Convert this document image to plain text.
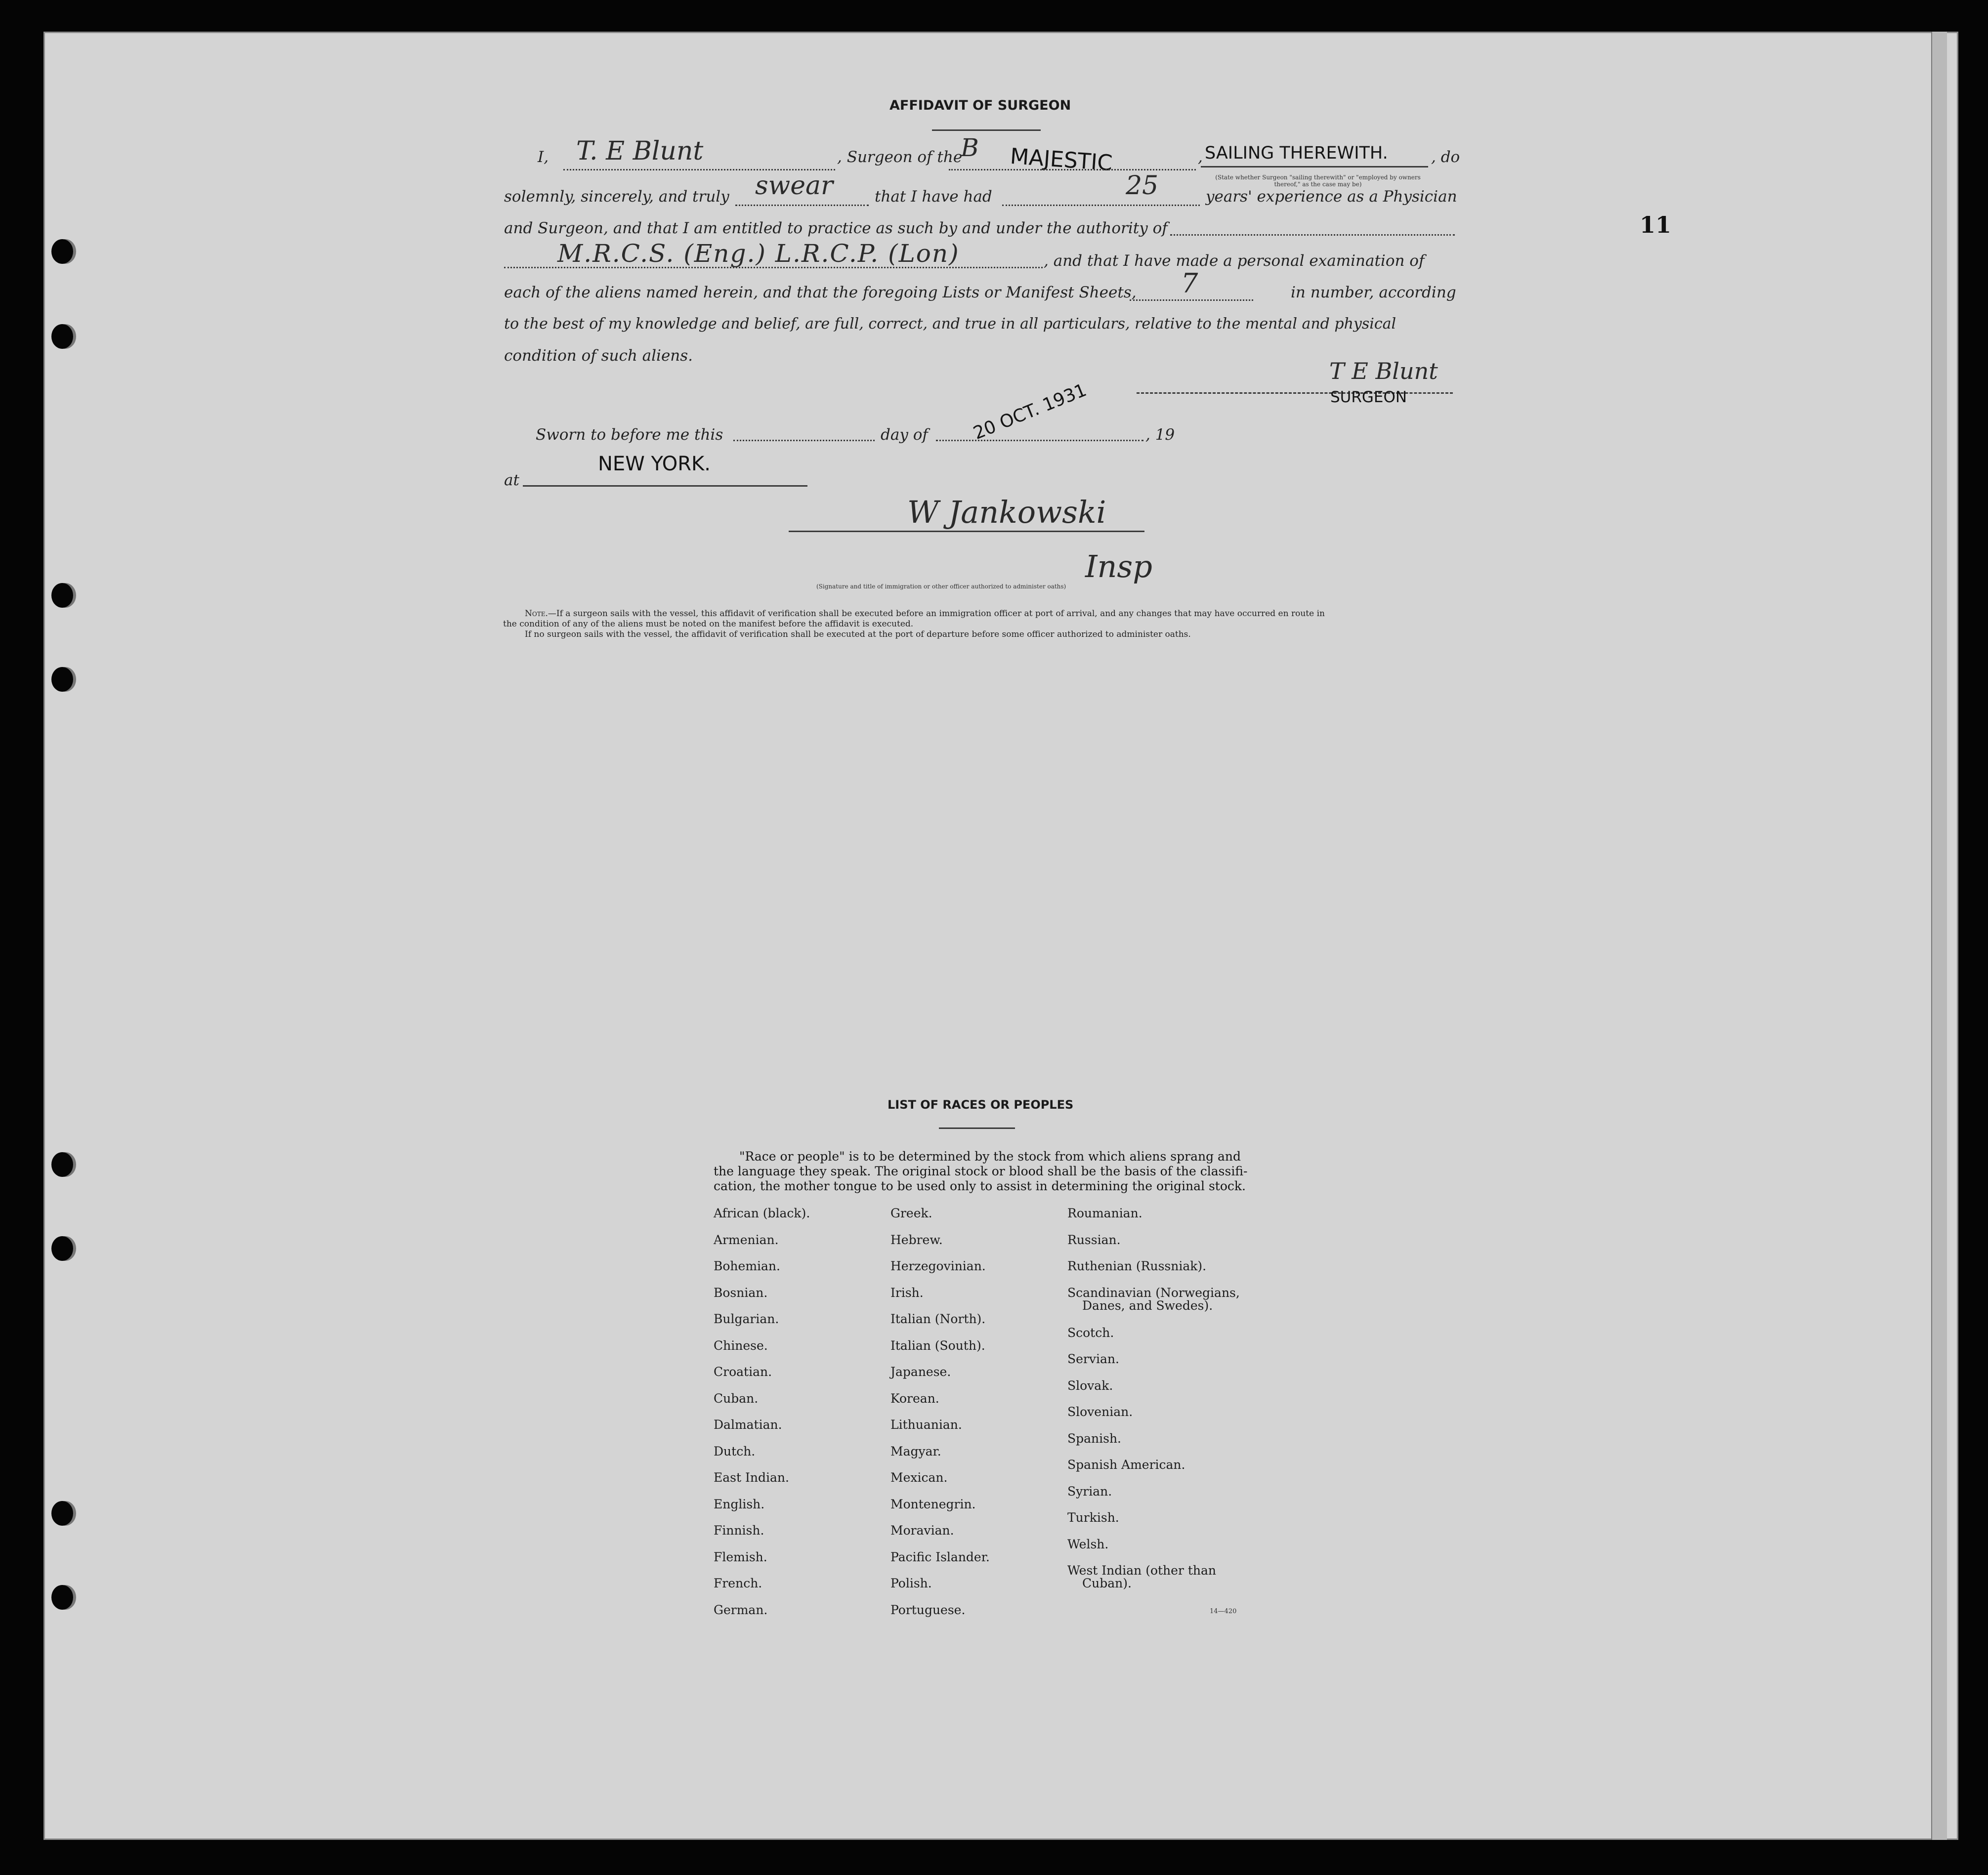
11
AFFIDAVIT OF SURGEON
I, T. E Blunt	, Surgeon of the
B MAJESTIC	, SAILING THEREWITH.	, do
(State whether Surgeon "sailing therewith" or "employed by owners thereof," as the case may be)
solemnly, sincerely, and truly swear	that I have had	25	years' experience as a Physician
and Surgeon, and that I am entitled to practice as such by and under the authority of
M.R.C.S. (Eng.) L.R.C.P. (Lon)	, and that I have made a personal examination of
each of the aliens named herein, and that the foregoing Lists or Manifest Sheets, 7	in number, according
to the best of my knowledge and belief, are full, correct, and true in all particulars, relative to the mental and physical
condition of such aliens.
T E Blunt
SURGEON
Sworn to before me this	day of 20 OCT. 1931	, 19
at
NEW YORK.
W Jankowski
Insp
(Signature and title of immigration or other officer authorized to administer oaths)
Note.—If a surgeon sails with the vessel, this affidavit of verification shall be executed before an immigration officer at port of arrival, and any changes that may have occurred en route in
the condition of any of the aliens must be noted on the manifest before the affidavit is executed.
If no surgeon sails with the vessel, the affidavit of verification shall be executed at the port of departure before some officer authorized to administer oaths.
LIST OF RACES OR PEOPLES
"Race or people" is to be determined by the stock from which aliens sprang and
the language they speak. The original stock or blood shall be the basis of the classifi-
cation, the mother tongue to be used only to assist in determining the original stock.
African (black).
Armenian.
Bohemian.
Bosnian.
Bulgarian.
Chinese.
Croatian.
Cuban.
Dalmatian.
Dutch.
East Indian.
English.
Finnish.
Flemish.
French.
German.
Greek.
Hebrew.
Herzegovinian.
Irish.
Italian (North).
Italian (South).
Japanese.
Korean.
Lithuanian.
Magyar.
Mexican.
Montenegrin.
Moravian.
Pacific Islander.
Polish.
Portuguese.
Roumanian.
Russian.
Ruthenian (Russniak).
Scandinavian (Norwegians,
Danes, and Swedes).
Scotch.
Servian.
Slovak.
Slovenian.
Spanish.
Spanish American.
Syrian.
Turkish.
Welsh.
West Indian (other than
Cuban).
14—420
